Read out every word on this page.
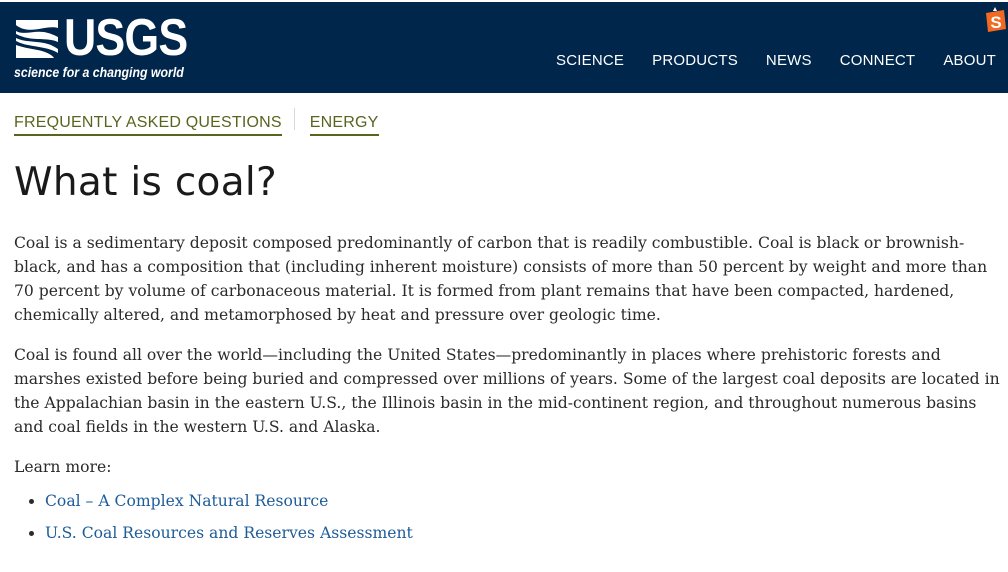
USGS
science for a changing world
SCIENCE PRODUCTS NEWS CONNECT ABOUT
S
FREQUENTLY ASKED QUESTIONS ENERGY
What is coal?

Coal is a sedimentary deposit composed predominantly of carbon that is readily combustible. Coal is black or brownish-black, and has a composition that (including inherent moisture) consists of more than 50 percent by weight and more than 70 percent by volume of carbonaceous material. It is formed from plant remains that have been compacted, hardened, chemically altered, and metamorphosed by heat and pressure over geologic time.

Coal is found all over the world—including the United States—predominantly in places where prehistoric forests and marshes existed before being buried and compressed over millions of years. Some of the largest coal deposits are located in the Appalachian basin in the eastern U.S., the Illinois basin in the mid-continent region, and throughout numerous basins and coal fields in the western U.S. and Alaska.

Learn more:

• Coal – A Complex Natural Resource
• U.S. Coal Resources and Reserves Assessment
